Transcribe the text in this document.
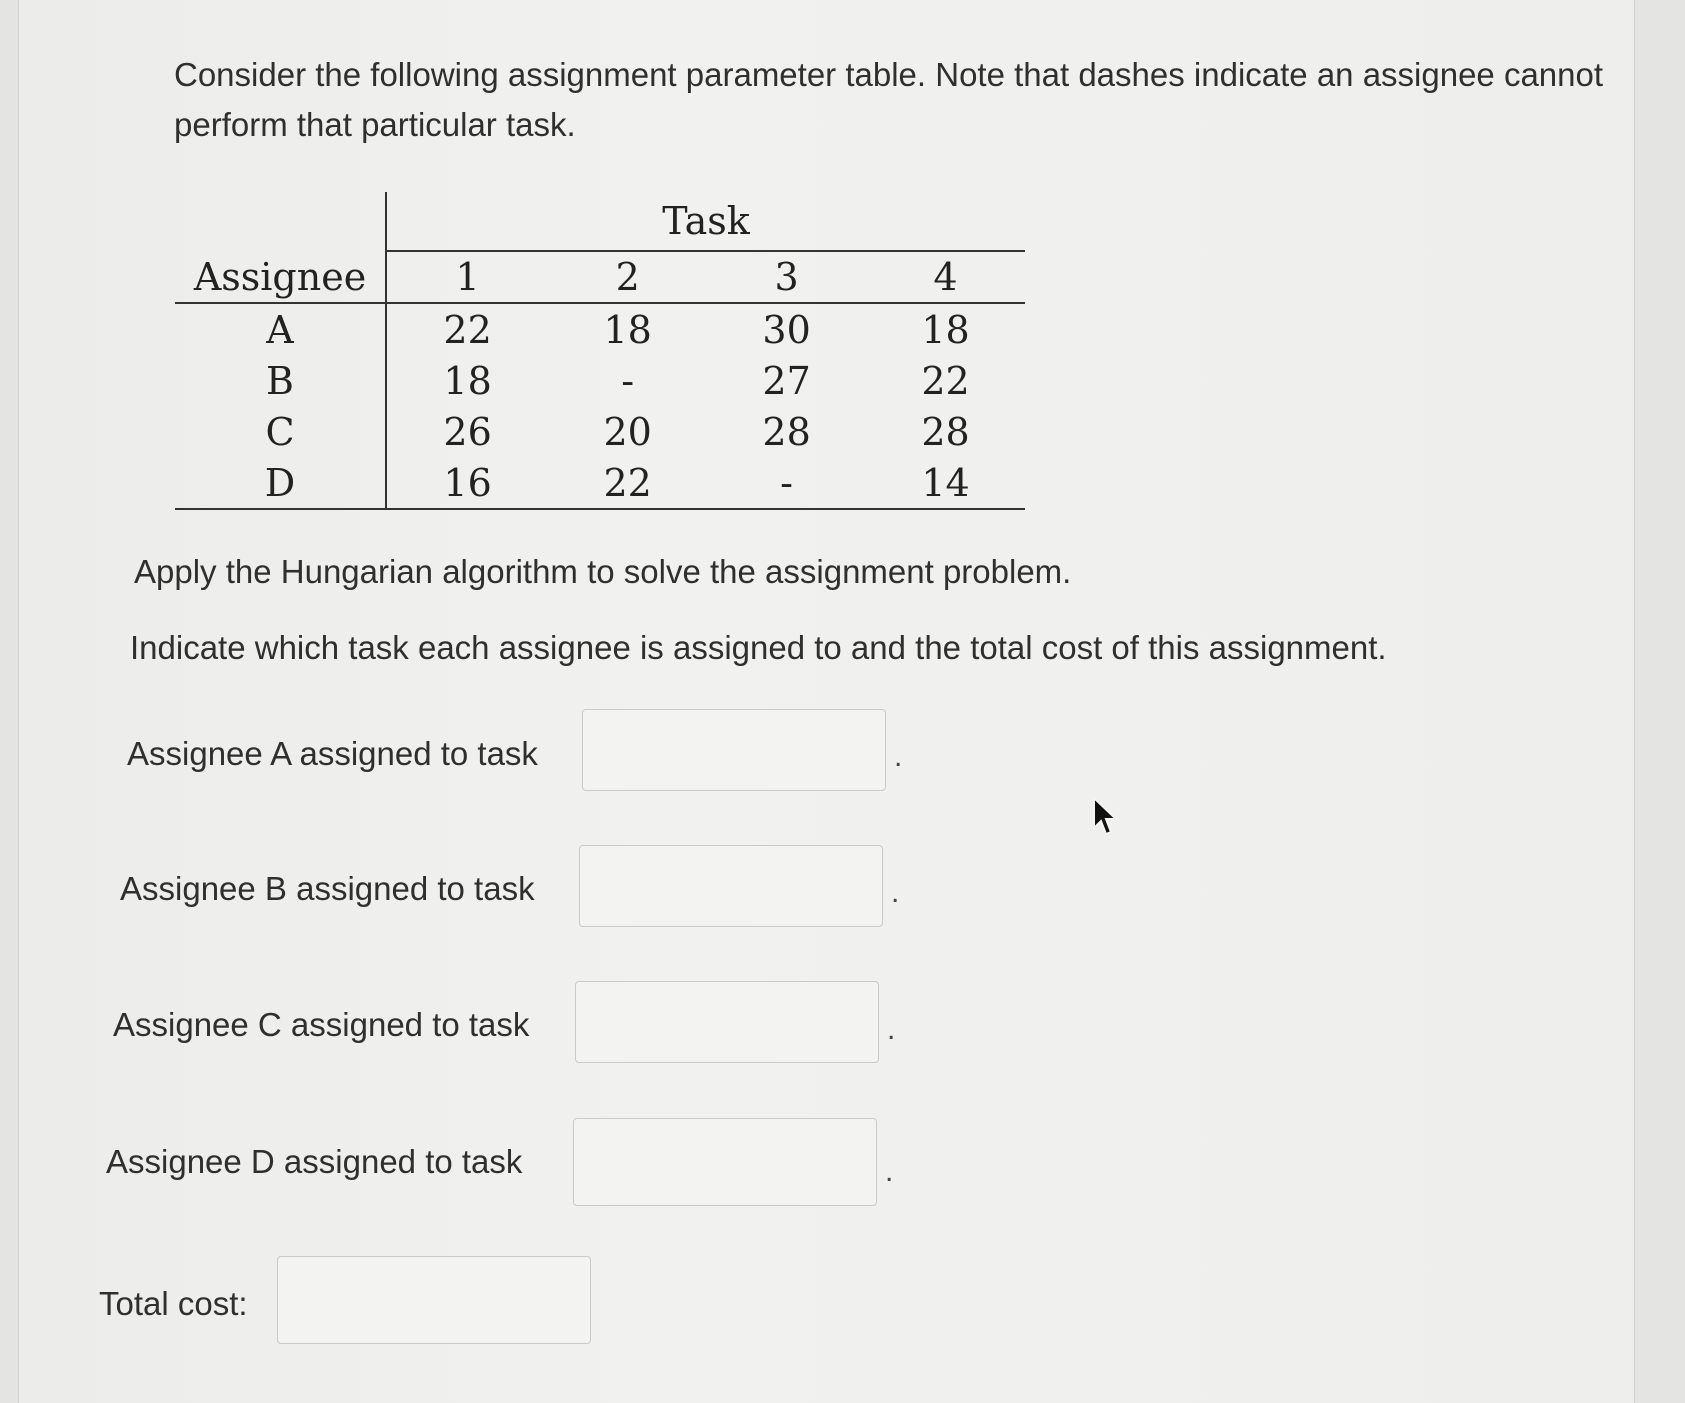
Consider the following assignment parameter table. Note that dashes indicate an assignee cannot perform that particular task.

	Task			
Assignee	1	2	3	4
A	22	18	30	18
B	18	-	27	22
C	26	20	28	28
D	16	22	-	14

Apply the Hungarian algorithm to solve the assignment problem.

Indicate which task each assignee is assigned to and the total cost of this assignment.

Assignee A assigned to task	.
Assignee B assigned to task	.
Assignee C assigned to task	.
Assignee D assigned to task	.
Total cost:
